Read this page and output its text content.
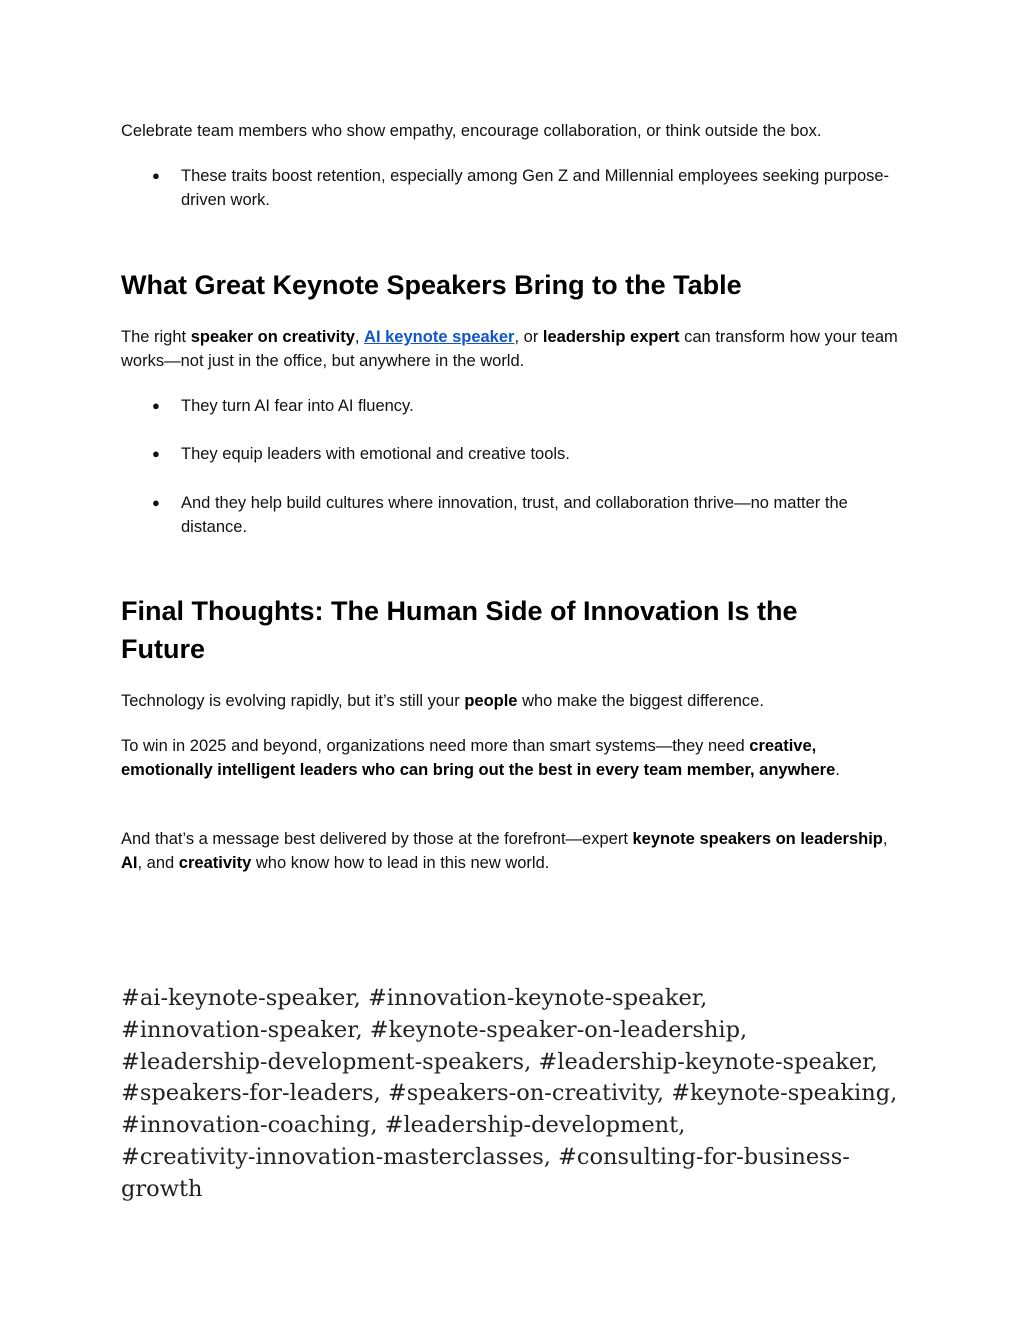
Celebrate team members who show empathy, encourage collaboration, or think outside the box.

● These traits boost retention, especially among Gen Z and Millennial employees seeking purpose-driven work.
What Great Keynote Speakers Bring to the Table

The right speaker on creativity, AI keynote speaker, or leadership expert can transform how your team works—not just in the office, but anywhere in the world.

● They turn AI fear into AI fluency.
● They equip leaders with emotional and creative tools.
● And they help build cultures where innovation, trust, and collaboration thrive—no matter the distance.
Final Thoughts: The Human Side of Innovation Is the Future

Technology is evolving rapidly, but it’s still your people who make the biggest difference.

To win in 2025 and beyond, organizations need more than smart systems—they need creative, emotionally intelligent leaders who can bring out the best in every team member, anywhere.

And that’s a message best delivered by those at the forefront—expert keynote speakers on leadership, AI, and creativity who know how to lead in this new world.

#ai-keynote-speaker, #innovation-keynote-speaker,
#innovation-speaker, #keynote-speaker-on-leadership,
#leadership-development-speakers, #leadership-keynote-speaker,
#speakers-for-leaders, #speakers-on-creativity, #keynote-speaking,
#innovation-coaching, #leadership-development,
#creativity-innovation-masterclasses, #consulting-for-business-growth
